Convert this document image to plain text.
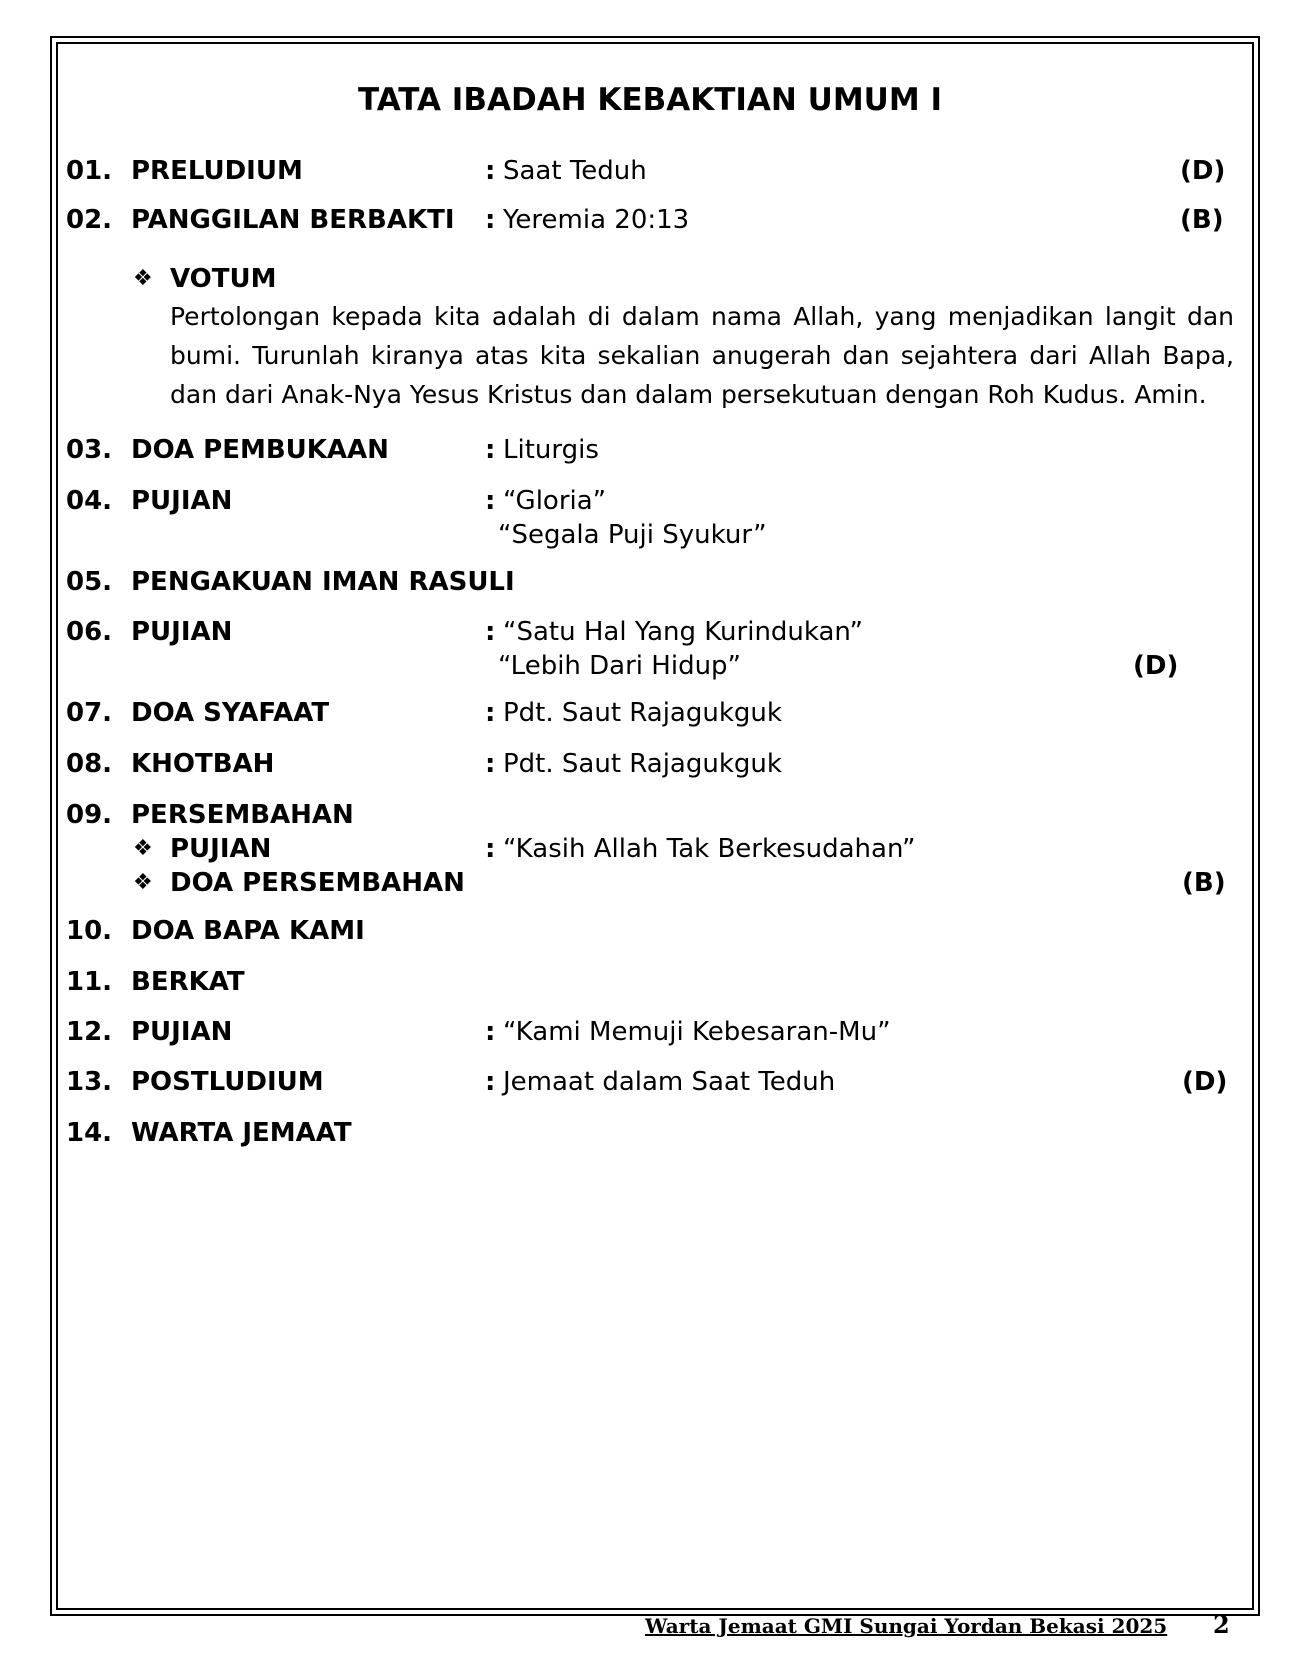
TATA IBADAH KEBAKTIAN UMUM I
01. PRELUDIUM	: Saat Teduh	(D)
02. PANGGILAN BERBAKTI : Yeremia 20:13	(B)
❖ VOTUM
Pertolongan kepada kita adalah di dalam nama Allah, yang menjadikan langit dan bumi. Turunlah kiranya atas kita sekalian anugerah dan sejahtera dari Allah Bapa, dan dari Anak-Nya Yesus Kristus dan dalam persekutuan dengan Roh Kudus. Amin.
03. DOA PEMBUKAAN	: Liturgis
04. PUJIAN	: “Gloria”
“Segala Puji Syukur”
05. PENGAKUAN IMAN RASULI
06. PUJIAN	: “Satu Hal Yang Kurindukan”
“Lebih Dari Hidup”	(D)
07. DOA SYAFAAT	: Pdt. Saut Rajagukguk
08. KHOTBAH	: Pdt. Saut Rajagukguk
09. PERSEMBAHAN
❖ PUJIAN	: “Kasih Allah Tak Berkesudahan”
❖ DOA PERSEMBAHAN	(B)
10. DOA BAPA KAMI
11. BERKAT
12. PUJIAN	: “Kami Memuji Kebesaran-Mu”
13. POSTLUDIUM	: Jemaat dalam Saat Teduh	(D)
14. WARTA JEMAAT
Warta Jemaat GMI Sungai Yordan Bekasi 2025 2
